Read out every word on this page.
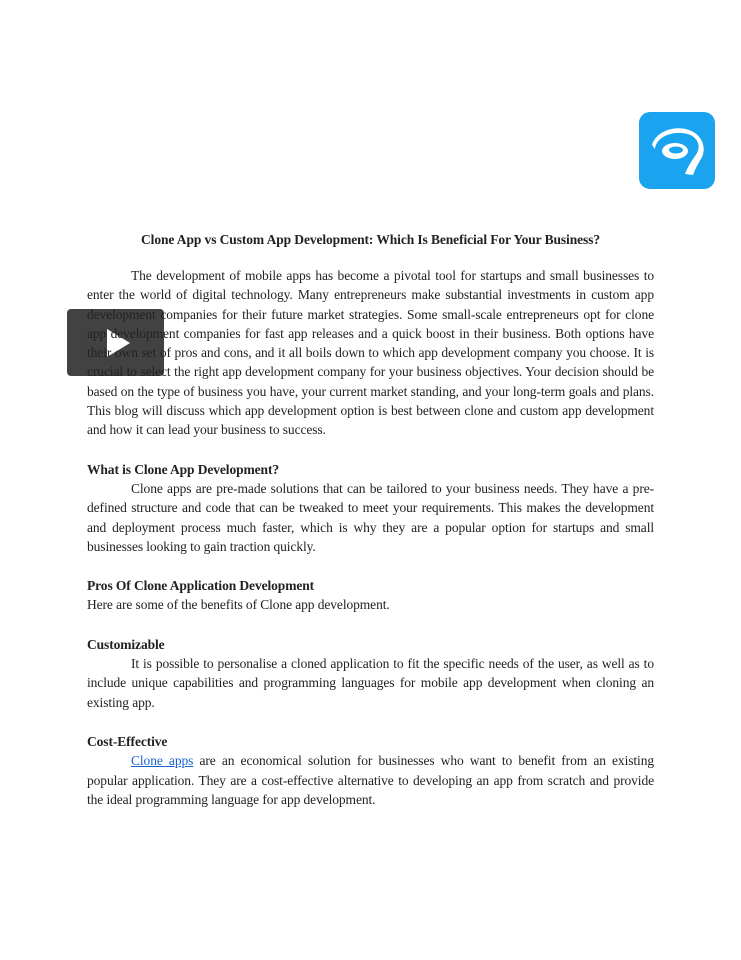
Clone App vs Custom App Development: Which Is Beneficial For Your Business?

The development of mobile apps has become a pivotal tool for startups and small businesses to enter the world of digital technology. Many entrepreneurs make substantial investments in custom app development companies for their future market strategies. Some small-scale entrepreneurs opt for clone app development companies for fast app releases and a quick boost in their business. Both options have their own set of pros and cons, and it all boils down to which app development company you choose. It is crucial to select the right app development company for your business objectives. Your decision should be based on the type of business you have, your current market standing, and your long-term goals and plans. This blog will discuss which app development option is best between clone and custom app development and how it can lead your business to success.

What is Clone App Development?

Clone apps are pre-made solutions that can be tailored to your business needs. They have a pre-defined structure and code that can be tweaked to meet your requirements. This makes the development and deployment process much faster, which is why they are a popular option for startups and small businesses looking to gain traction quickly.

Pros Of Clone Application Development

Here are some of the benefits of Clone app development.

Customizable

It is possible to personalise a cloned application to fit the specific needs of the user, as well as to include unique capabilities and programming languages for mobile app development when cloning an existing app.

Cost-Effective

Clone apps are an economical solution for businesses who want to benefit from an existing popular application. They are a cost-effective alternative to developing an app from scratch and provide the ideal programming language for app development.
